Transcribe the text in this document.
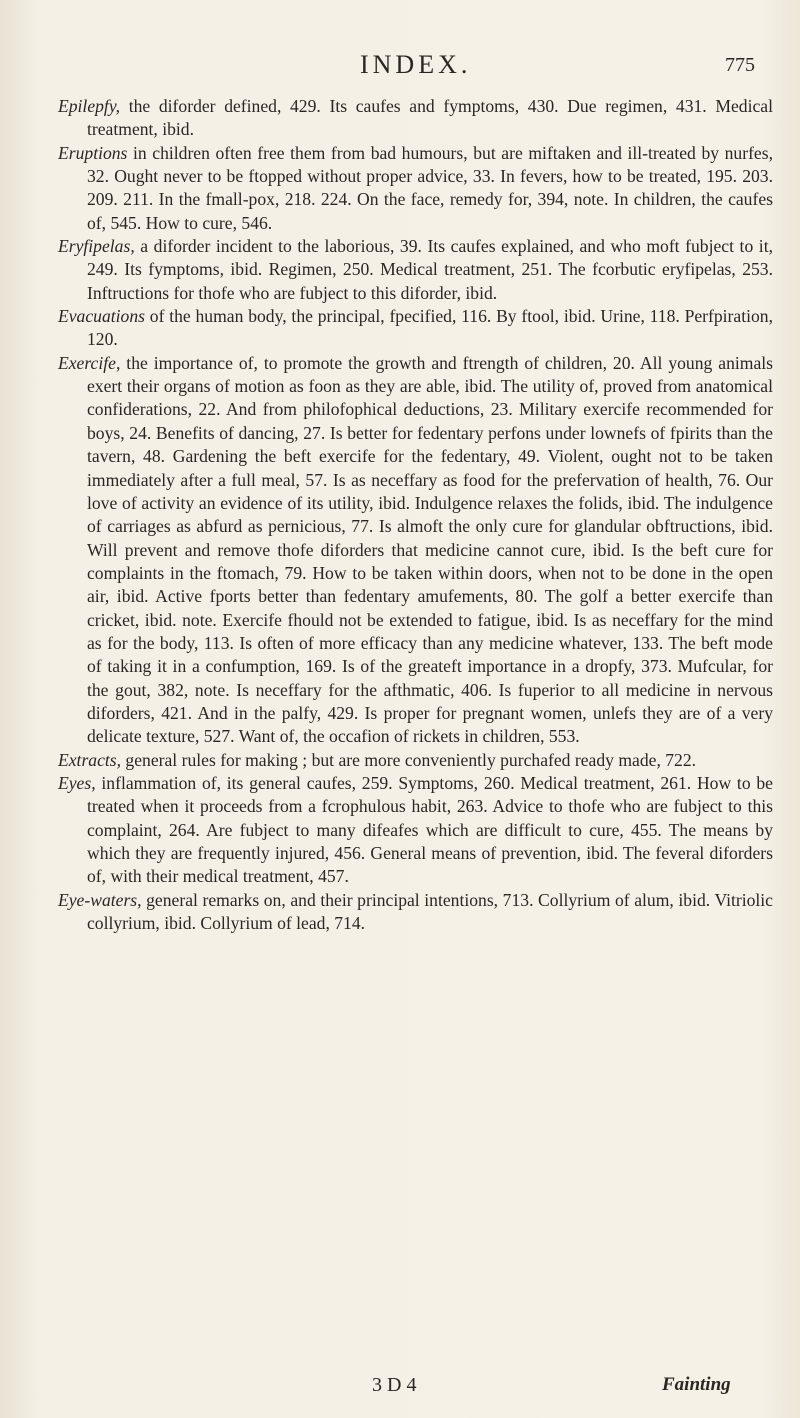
INDEX.	775

Epilepfy, the diforder defined, 429. Its caufes and fymptoms, 430. Due regimen, 431. Medical treatment, ibid.

Eruptions in children often free them from bad humours, but are miftaken and ill-treated by nurfes, 32. Ought never to be ftopped without proper advice, 33. In fevers, how to be treated, 195. 203. 209. 211. In the fmall-pox, 218. 224. On the face, remedy for, 394, note. In children, the caufes of, 545. How to cure, 546.

Eryfipelas, a diforder incident to the laborious, 39. Its caufes explained, and who moft fubject to it, 249. Its fymptoms, ibid. Regimen, 250. Medical treatment, 251. The fcorbutic eryfipelas, 253. Inftructions for thofe who are fubject to this diforder, ibid.

Evacuations of the human body, the principal, fpecified, 116. By ftool, ibid. Urine, 118. Perfpiration, 120.

Exercife, the importance of, to promote the growth and ftrength of children, 20. All young animals exert their organs of motion as foon as they are able, ibid. The utility of, proved from anatomical confiderations, 22. And from philofophical deductions, 23. Military exercife recommended for boys, 24. Benefits of dancing, 27. Is better for fedentary perfons under lownefs of fpirits than the tavern, 48. Gardening the beft exercife for the fedentary, 49. Violent, ought not to be taken immediately after a full meal, 57. Is as neceffary as food for the prefervation of health, 76. Our love of activity an evidence of its utility, ibid. Indulgence relaxes the folids, ibid. The indulgence of carriages as abfurd as pernicious, 77. Is almoft the only cure for glandular obftructions, ibid. Will prevent and remove thofe diforders that medicine cannot cure, ibid. Is the beft cure for complaints in the ftomach, 79. How to be taken within doors, when not to be done in the open air, ibid. Active fports better than fedentary amufements, 80. The golf a better exercife than cricket, ibid. note. Exercife fhould not be extended to fatigue, ibid. Is as neceffary for the mind as for the body, 113. Is often of more efficacy than any medicine whatever, 133. The beft mode of taking it in a confumption, 169. Is of the greateft importance in a dropfy, 373. Mufcular, for the gout, 382, note. Is neceffary for the afthmatic, 406. Is fuperior to all medicine in nervous diforders, 421. And in the palfy, 429. Is proper for pregnant women, unlefs they are of a very delicate texture, 527. Want of, the occafion of rickets in children, 553.

Extracts, general rules for making ; but are more conveniently purchafed ready made, 722.

Eyes, inflammation of, its general caufes, 259. Symptoms, 260. Medical treatment, 261. How to be treated when it proceeds from a fcrophulous habit, 263. Advice to thofe who are fubject to this complaint, 264. Are fubject to many difeafes which are difficult to cure, 455. The means by which they are frequently injured, 456. General means of prevention, ibid. The feveral diforders of, with their medical treatment, 457.

Eye-waters, general remarks on, and their principal intentions, 713. Collyrium of alum, ibid. Vitriolic collyrium, ibid. Collyrium of lead, 714.

3 D 4	Fainting
